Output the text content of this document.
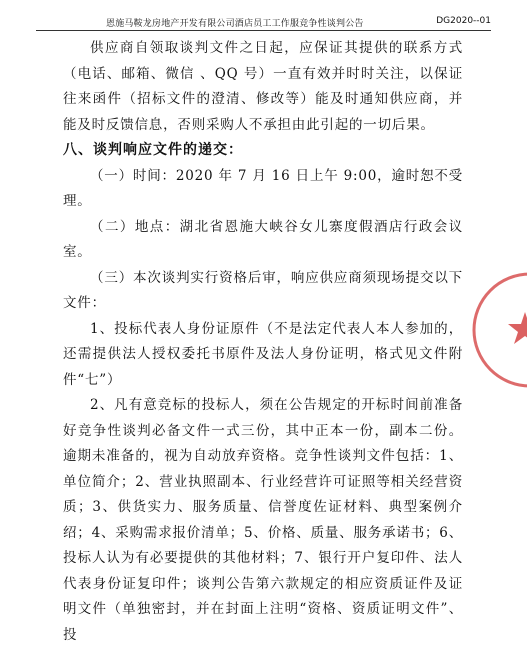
恩施马鞍龙房地产开发有限公司酒店员工工作服竞争性谈判公告	DG2020--01

供应商自领取谈判文件之日起，应保证其提供的联系方式（电话、邮箱、微信 、QQ 号）一直有效并时时关注，以保证往来函件（招标文件的澄清、修改等）能及时通知供应商，并能及时反馈信息，否则采购人不承担由此引起的一切后果。

八、谈判响应文件的递交：

（一）时间：2020 年 7 月 16 日上午 9:00，逾时恕不受理。

（二）地点：湖北省恩施大峡谷女儿寨度假酒店行政会议室。

（三）本次谈判实行资格后审，响应供应商须现场提交以下文件：

1、投标代表人身份证原件（不是法定代表人本人参加的，还需提供法人授权委托书原件及法人身份证明，格式见文件附件“七”）

2、凡有意竞标的投标人，须在公告规定的开标时间前准备好竞争性谈判必备文件一式三份，其中正本一份，副本二份。逾期未准备的，视为自动放弃资格。竞争性谈判文件包括：1、单位简介；2、营业执照副本、行业经营许可证照等相关经营资质；3、供货实力、服务质量、信誉度佐证材料、典型案例介绍；4、采购需求报价清单；5、价格、质量、服务承诺书；6、投标人认为有必要提供的其他材料；7、银行开户复印件、法人代表身份证复印件；谈判公告第六款规定的相应资质证件及证明文件（单独密封，并在封面上注明“资格、资质证明文件”、投
